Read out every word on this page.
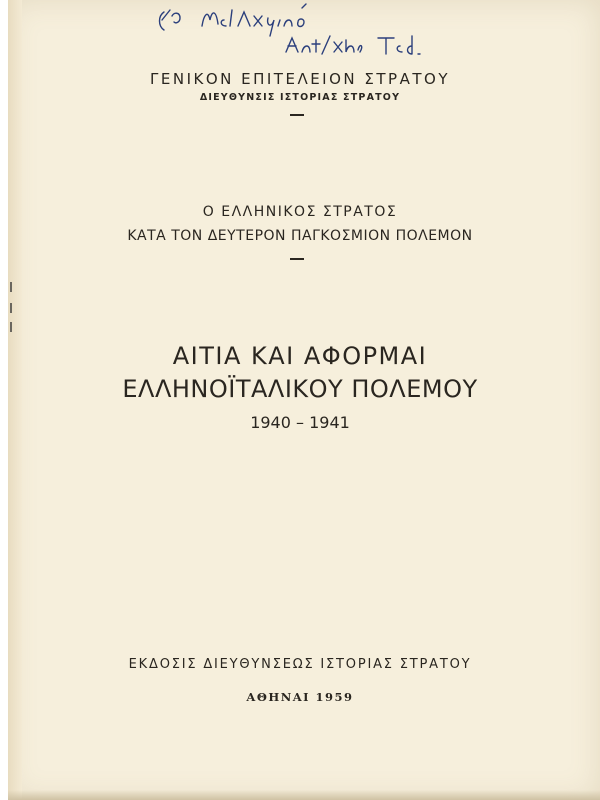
ΓΕΝΙΚΟΝ ΕΠΙΤΕΛΕΙΟΝ ΣΤΡΑΤΟΥ
ΔΙΕΥΘΥΝΣΙΣ ΙΣΤΟΡΙΑΣ ΣΤΡΑΤΟΥ
Ο ΕΛΛΗΝΙΚΟΣ ΣΤΡΑΤΟΣ
ΚΑΤΑ ΤΟΝ ΔΕΥΤΕΡΟΝ ΠΑΓΚΟΣΜΙΟΝ ΠΟΛΕΜΟΝ
ΑΙΤΙΑ ΚΑΙ ΑΦΟΡΜΑΙ
ΕΛΛΗΝΟΪΤΑΛΙΚΟΥ ΠΟΛΕΜΟΥ
1940 – 1941
ΕΚΔΟΣΙΣ ΔΙΕΥΘΥΝΣΕΩΣ ΙΣΤΟΡΙΑΣ ΣΤΡΑΤΟΥ
ΑΘΗΝΑΙ 1959
